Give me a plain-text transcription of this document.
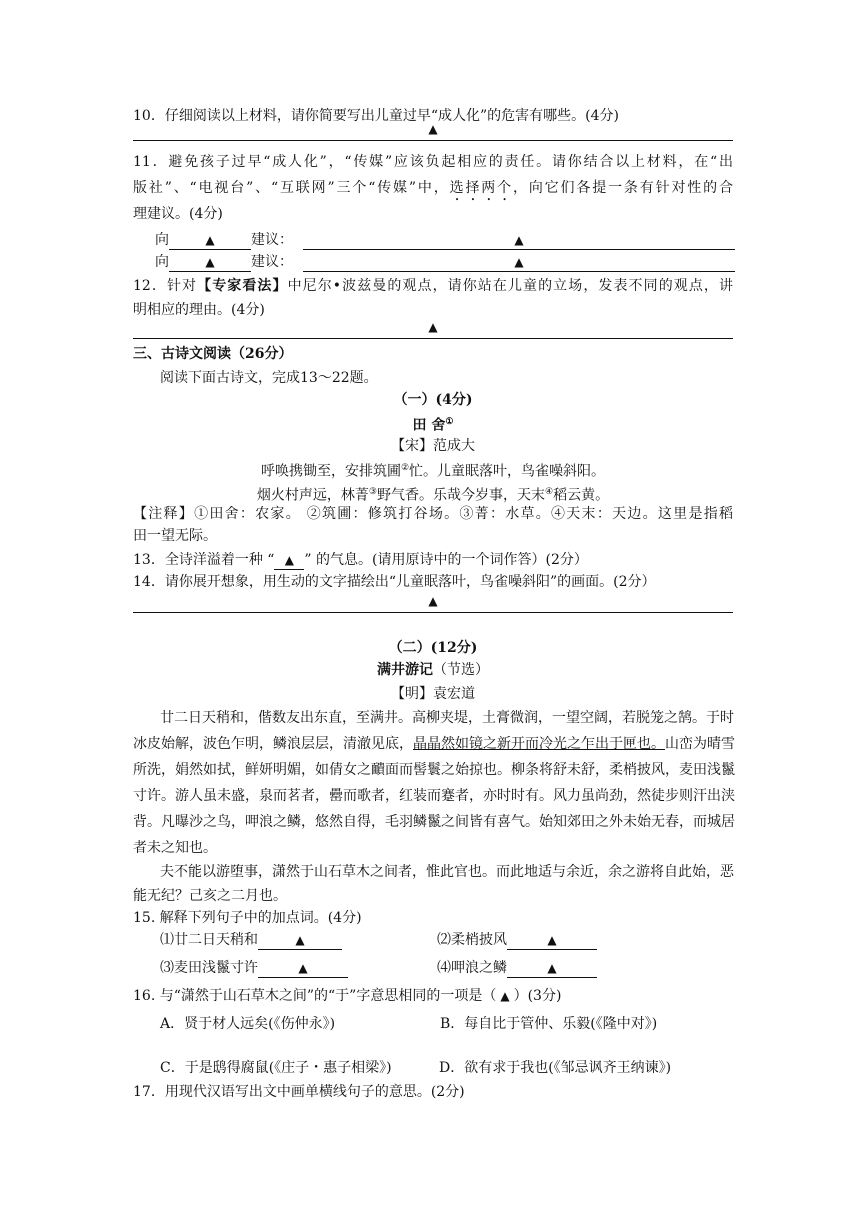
10．仔细阅读以上材料，请你简要写出儿童过早“成人化”的危害有哪些。(4分)
▲
11．避免孩子过早“成人化”，“传媒”应该负起相应的责任。请你结合以上材料，在“出
版社”、“电视台”、“互联网”三个“传媒”中，选择两个，向它们各提一条有针对性的合
理建议。(4分)
向	▲	建议：	▲
向	▲	建议：	▲
12．针对【专家看法】中尼尔•波兹曼的观点，请你站在儿童的立场，发表不同的观点，讲
明相应的理由。(4分)
▲
三、古诗文阅读（26分）
阅读下面古诗文，完成13～22题。
（一）(4分)
田 舍①
【宋】范成大
呼唤携锄至，安排筑圃②忙。儿童眠落叶，鸟雀噪斜阳。
烟火村声远，林菁③野气香。乐哉今岁事，天末④稻云黄。
【注释】①田舍：农家。 ②筑圃：修筑打谷场。③菁：水草。④天末：天边。这里是指稻
田一望无际。
13．全诗洋溢着一种 “ ▲ ” 的气息。(请用原诗中的一个词作答）(2分）
14．请你展开想象，用生动的文字描绘出“儿童眠落叶，鸟雀噪斜阳”的画面。(2分）
▲
（二）(12分)
满井游记（节选）
【明】袁宏道
廿二日天稍和，偕数友出东直，至满井。高柳夹堤，土膏微润，一望空阔，若脱笼之鹄。于时
冰皮始解，波色乍明，鳞浪层层，清澈见底，晶晶然如镜之新开而冷光之乍出于匣也。山峦为晴雪
所洗，娟然如拭，鲜妍明媚，如倩女之靧面而髻鬟之始掠也。柳条将舒未舒，柔梢披风，麦田浅鬣
寸许。游人虽未盛，泉而茗者，罍而歌者，红装而蹇者，亦时时有。风力虽尚劲，然徒步则汗出浃
背。凡曝沙之鸟，呷浪之鳞，悠然自得，毛羽鳞鬣之间皆有喜气。始知郊田之外未始无春，而城居
者未之知也。
夫不能以游堕事，潇然于山石草木之间者，惟此官也。而此地适与余近，余之游将自此始，恶
能无纪？己亥之二月也。
15. 解释下列句子中的加点词。(4分)
⑴廿二日天稍和	▲	⑵柔梢披风	▲
⑶麦田浅鬣寸许	▲	⑷呷浪之鳞	▲
16. 与“潇然于山石草木之间”的“于”字意思相同的一项是（ ▲ ）(3分)
A．贤于材人远矣(《伤仲永》)	B．每自比于管仲、乐毅(《隆中对》)
C．于是鸱得腐鼠(《庄子・惠子相梁》)	D．欲有求于我也(《邹忌讽齐王纳谏》)
17．用现代汉语写出文中画单横线句子的意思。(2分)
